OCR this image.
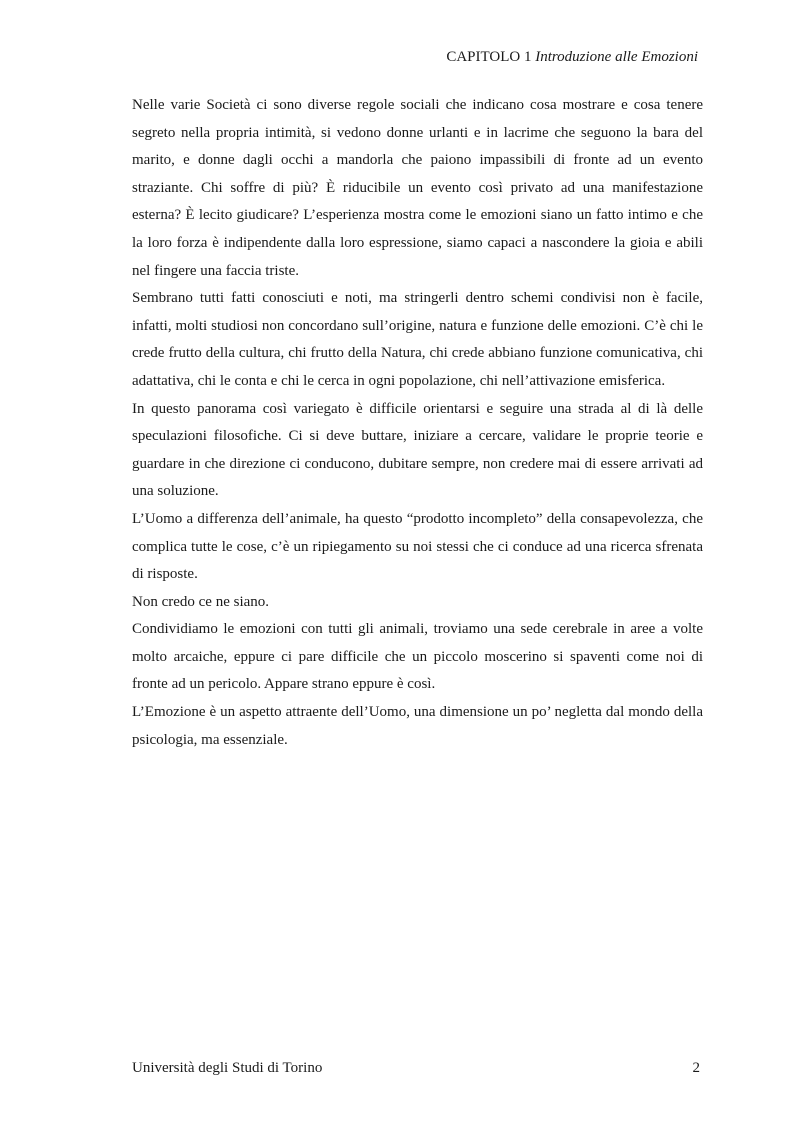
CAPITOLO 1 Introduzione alle Emozioni

Nelle varie Società ci sono diverse regole sociali che indicano cosa mostrare e cosa tenere segreto nella propria intimità, si vedono donne urlanti e in lacrime che seguono la bara del marito, e donne dagli occhi a mandorla che paiono impassibili di fronte ad un evento straziante. Chi soffre di più? È riducibile un evento così privato ad una manifestazione esterna? È lecito giudicare? L’esperienza mostra come le emozioni siano un fatto intimo e che la loro forza è indipendente dalla loro espressione, siamo capaci a nascondere la gioia e abili nel fingere una faccia triste.

Sembrano tutti fatti conosciuti e noti, ma stringerli dentro schemi condivisi non è facile, infatti, molti studiosi non concordano sull’origine, natura e funzione delle emozioni. C’è chi le crede frutto della cultura, chi frutto della Natura, chi crede abbiano funzione comunicativa, chi adattativa, chi le conta e chi le cerca in ogni popolazione, chi nell’attivazione emisferica.

In questo panorama così variegato è difficile orientarsi e seguire una strada al di là delle speculazioni filosofiche. Ci si deve buttare, iniziare a cercare, validare le proprie teorie e guardare in che direzione ci conducono, dubitare sempre, non credere mai di essere arrivati ad una soluzione.

L’Uomo a differenza dell’animale, ha questo “prodotto incompleto” della consapevolezza, che complica tutte le cose, c’è un ripiegamento su noi stessi che ci conduce ad una ricerca sfrenata di risposte.

Non credo ce ne siano.

Condividiamo le emozioni con tutti gli animali, troviamo una sede cerebrale in aree a volte molto arcaiche, eppure ci pare difficile che un piccolo moscerino si spaventi come noi di fronte ad un pericolo. Appare strano eppure è così.

L’Emozione è un aspetto attraente dell’Uomo, una dimensione un po’ negletta dal mondo della psicologia, ma essenziale.

Università degli Studi di Torino	2
